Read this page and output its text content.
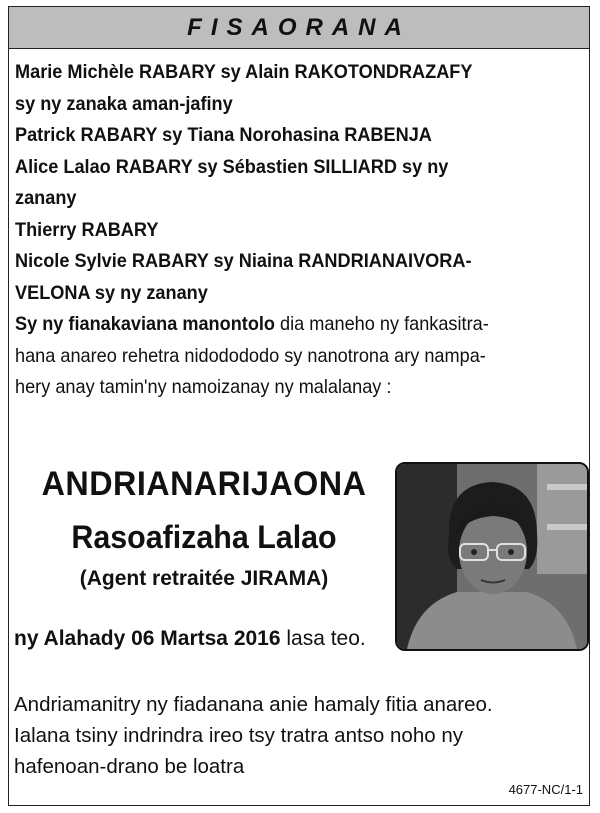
FISAORANA
Marie Michèle RABARY sy Alain RAKOTONDRAZAFY
sy ny zanaka aman-jafiny
Patrick RABARY sy Tiana Norohasina RABENJA
Alice Lalao RABARY sy Sébastien SILLIARD sy ny
zanany
Thierry RABARY
Nicole Sylvie RABARY sy Niaina RANDRIANAIVORA-
VELONA sy ny zanany
Sy ny fianakaviana manontolo dia maneho ny fankasitra-
hana anareo rehetra nidodododo sy nanotrona ary nampa-
hery anay tamin'ny namoizanay ny malalanay :
ANDRIANARIJAONA
Rasoafizaha Lalao
(Agent retraitée JIRAMA)
ny Alahady 06 Martsa 2016 lasa teo.
Andriamanitry ny fiadanana anie hamaly fitia anareo.
Ialana tsiny indrindra ireo tsy tratra antso noho ny
hafenoan-drano be loatra
4677-NC/1-1
